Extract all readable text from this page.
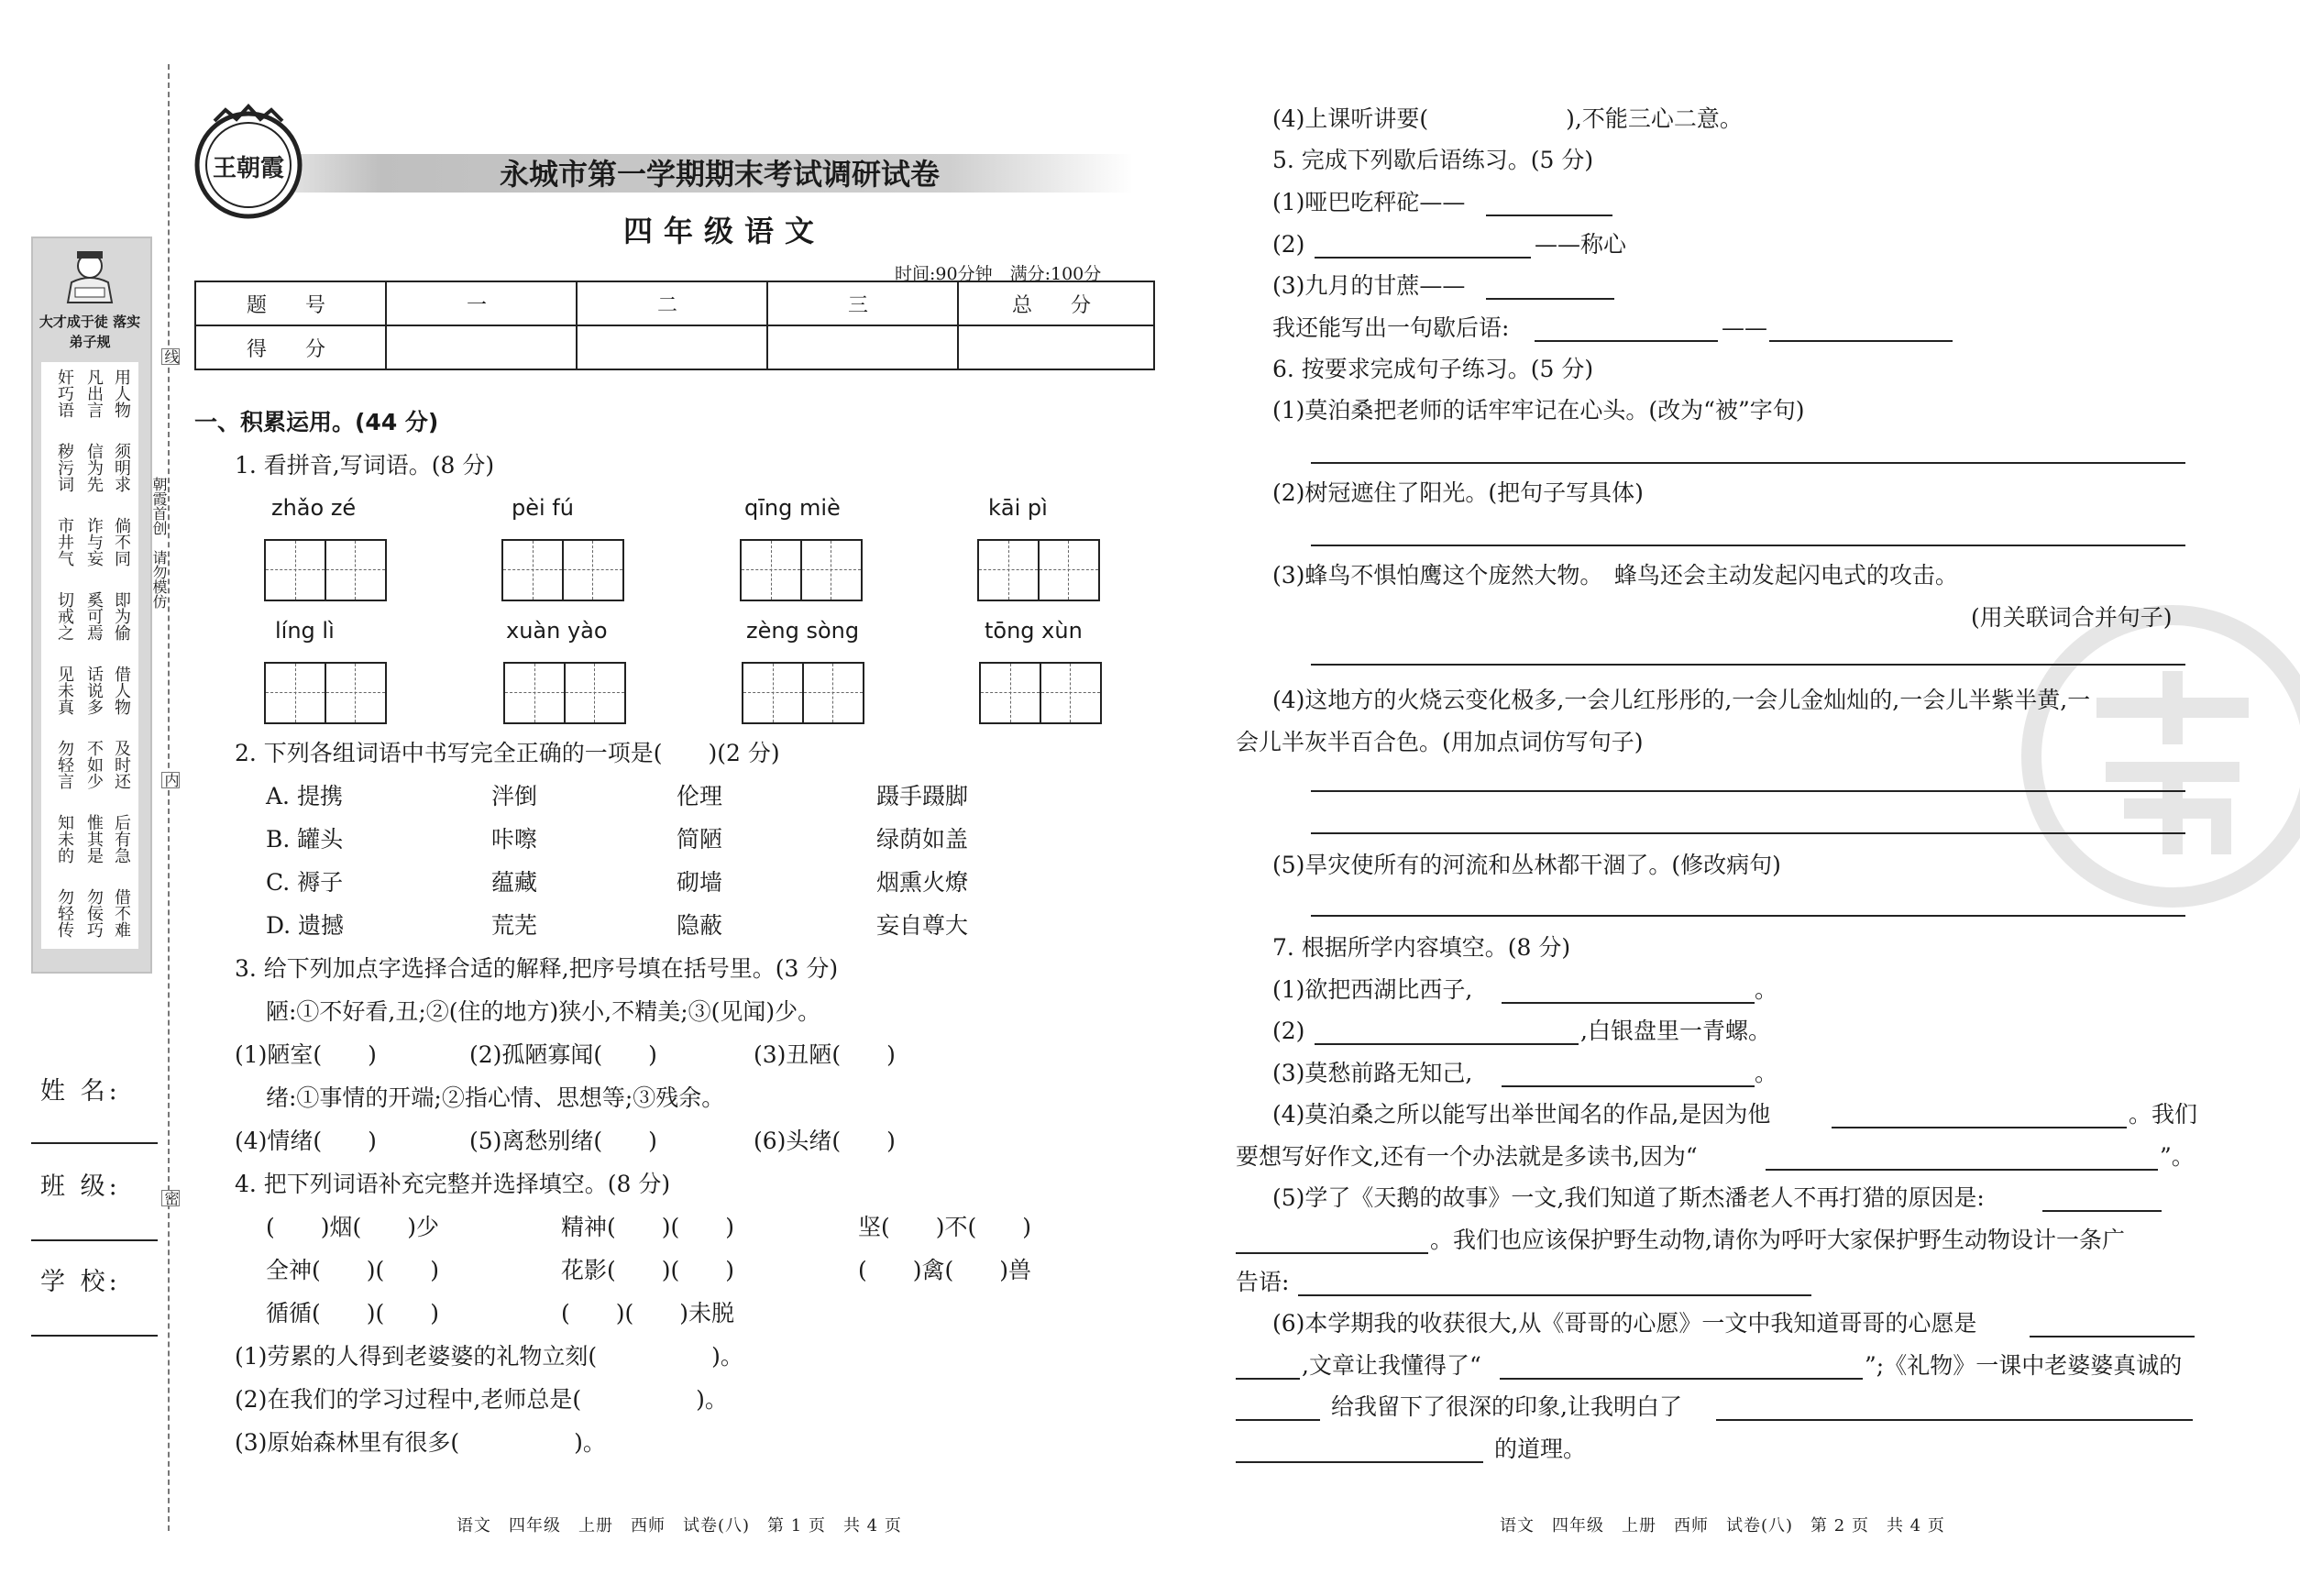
大才成于徒 落实弟子规
用人物
凡出言
奸巧语
须明求
信为先
秽污词
倘不同
诈与妄
市井气
即为偷
奚可焉
切戒之
借人物
话说多
见未真
及时还
不如少
勿轻言
后有急
惟其是
知未的
借不难
勿佞巧
勿轻传
线
内
密
朝霞首创　请勿模仿
姓 名:
班 级:
学 校:
王朝霞	永城市第一学期期末考试调研试卷
四年级语文
时间:90分钟　满分:100分
题　号	一	二	三	总　分
得　分				
一、积累运用。(44 分)
1. 看拼音,写词语。(8 分)
zhǎo zé	pèi fú	qīng miè	kāi pì
líng lì	xuàn yào	zèng sòng	tōng xùn
2. 下列各组词语中书写完全正确的一项是(　　)(2 分)
A. 提携	泮倒	伦理	蹑手蹑脚
B. 罐头	咔嚓	简陋	绿荫如盖
C. 褥子	蕴藏	砌墙	烟熏火燎
D. 遗撼	荒芜	隐蔽	妄自尊大
3. 给下列加点字选择合适的解释,把序号填在括号里。(3 分)
陋:①不好看,丑;②(住的地方)狭小,不精美;③(见闻)少。
(1)陋室(　　)	(2)孤陋寡闻(　　)	(3)丑陋(　　)
绪:①事情的开端;②指心情、思想等;③残余。
(4)情绪(　　)	(5)离愁别绪(　　)	(6)头绪(　　)
4. 把下列词语补充完整并选择填空。(8 分)
(　　)烟(　　)少	精神(　　)(　　)	坚(　　)不(　　)
全神(　　)(　　)	花影(　　)(　　)	(　　)禽(　　)兽
循循(　　)(　　)	(　　)(　　)未脱
(1)劳累的人得到老婆婆的礼物立刻(　　　　　)。
(2)在我们的学习过程中,老师总是(　　　　　)。
(3)原始森林里有很多(　　　　　)。
语文　四年级　上册　西师　试卷(八)　第 1 页　共 4 页
(4)上课听讲要(　　　　　　),不能三心二意。
5. 完成下列歇后语练习。(5 分)
(1)哑巴吃秤砣——
(2)	——称心
(3)九月的甘蔗——
我还能写出一句歇后语:	——
6. 按要求完成句子练习。(5 分)
(1)莫泊桑把老师的话牢牢记在心头。(改为“被”字句)
(2)树冠遮住了阳光。(把句子写具体)
(3)蜂鸟不惧怕鹰这个庞然大物。　蜂鸟还会主动发起闪电式的攻击。
(用关联词合并句子)
(4)这地方的火烧云变化极多,一会儿红彤彤的,一会儿金灿灿的,一会儿半紫半黄,一
会儿半灰半百合色。(用加点词仿写句子)
(5)旱灾使所有的河流和丛林都干涸了。(修改病句)
7. 根据所学内容填空。(8 分)
(1)欲把西湖比西子,	。
(2)	,白银盘里一青螺。
(3)莫愁前路无知己,	。
(4)莫泊桑之所以能写出举世闻名的作品,是因为他	。我们
要想写好作文,还有一个办法就是多读书,因为“	”。
(5)学了《天鹅的故事》一文,我们知道了斯杰潘老人不再打猎的原因是:
。我们也应该保护野生动物,请你为呼吁大家保护野生动物设计一条广
告语:
(6)本学期我的收获很大,从《哥哥的心愿》一文中我知道哥哥的心愿是
,文章让我懂得了“	”;《礼物》一课中老婆婆真诚的
给我留下了很深的印象,让我明白了
的道理。
语文　四年级　上册　西师　试卷(八)　第 2 页　共 4 页
